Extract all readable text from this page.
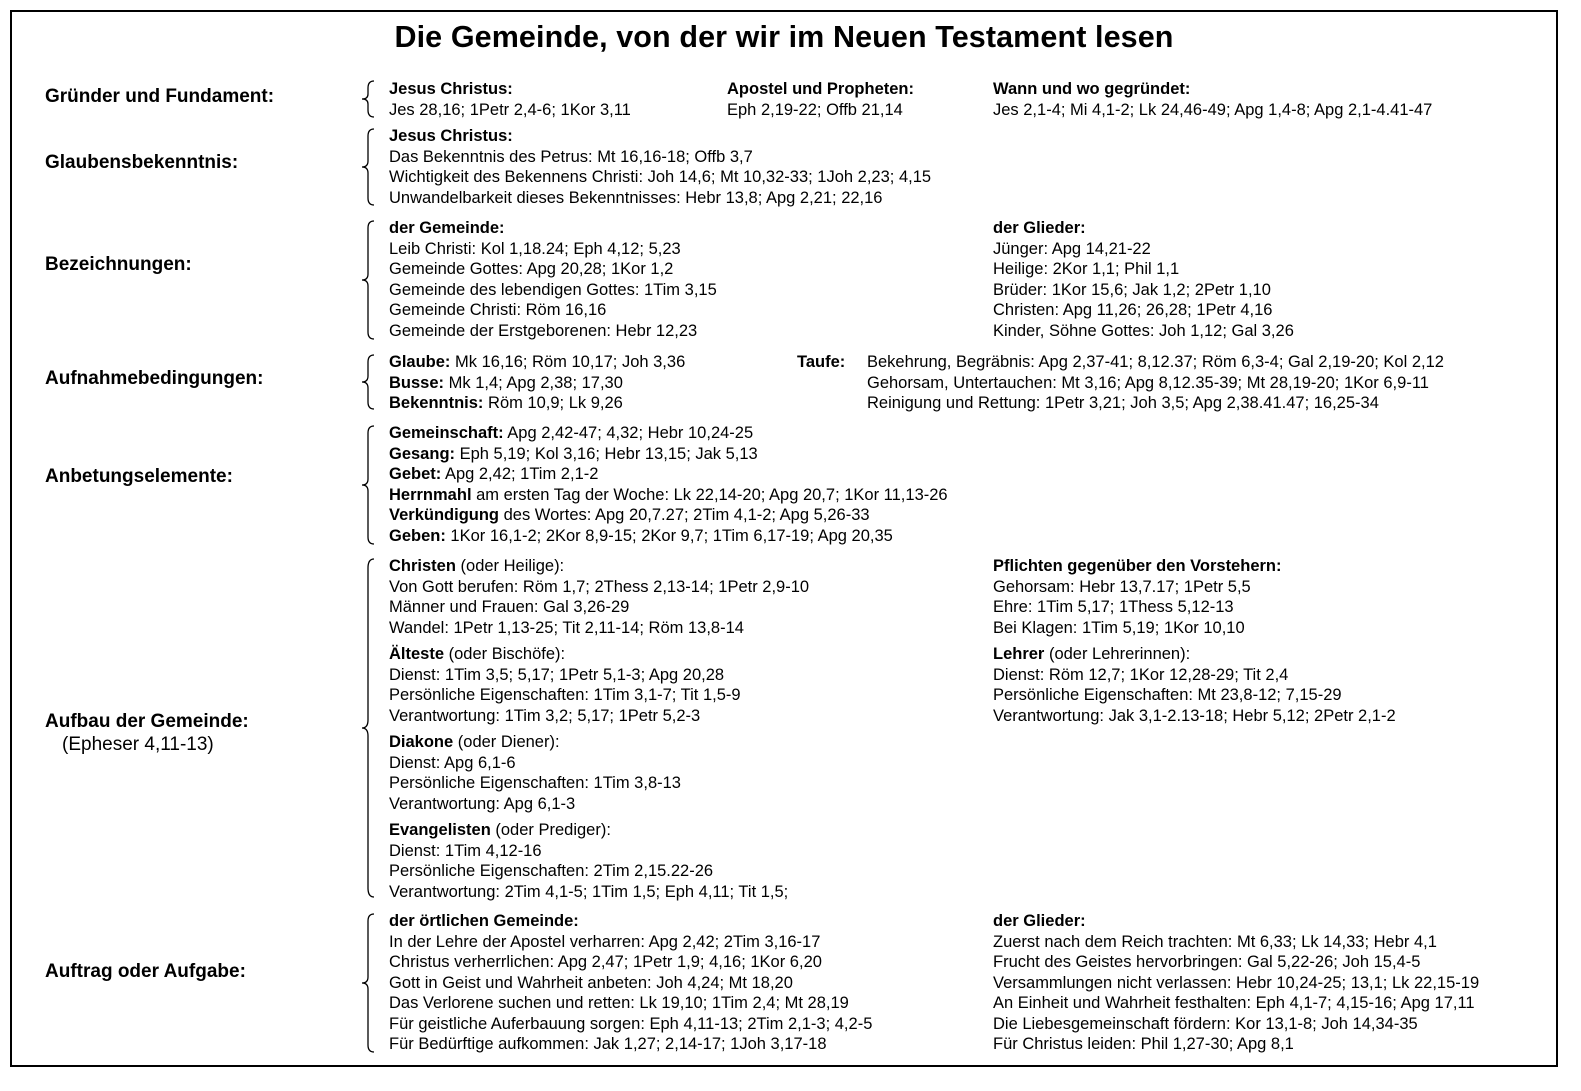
Die Gemeinde, von der wir im Neuen Testament lesen
Gründer und Fundament:	Jesus Christus:
Jes 28,16; 1Petr 2,4-6; 1Kor 3,11
Apostel und Propheten:
Eph 2,19-22; Offb 21,14
Wann und wo gegründet:
Jes 2,1-4; Mi 4,1-2; Lk 24,46-49; Apg 1,4-8; Apg 2,1-4.41-47
Glaubensbekenntnis:
Jesus Christus:
Das Bekenntnis des Petrus: Mt 16,16-18; Offb 3,7
Wichtigkeit des Bekennens Christi: Joh 14,6; Mt 10,32-33; 1Joh 2,23; 4,15
Unwandelbarkeit dieses Bekenntnisses: Hebr 13,8; Apg 2,21; 22,16
Bezeichnungen:
der Gemeinde:
Leib Christi: Kol 1,18.24; Eph 4,12; 5,23
Gemeinde Gottes: Apg 20,28; 1Kor 1,2
Gemeinde des lebendigen Gottes: 1Tim 3,15
Gemeinde Christi: Röm 16,16
Gemeinde der Erstgeborenen: Hebr 12,23
der Glieder:
Jünger: Apg 14,21-22
Heilige: 2Kor 1,1; Phil 1,1
Brüder: 1Kor 15,6; Jak 1,2; 2Petr 1,10
Christen: Apg 11,26; 26,28; 1Petr 4,16
Kinder, Söhne Gottes: Joh 1,12; Gal 3,26
Aufnahmebedingungen:
Glaube: Mk 16,16; Röm 10,17; Joh 3,36
Busse: Mk 1,4; Apg 2,38; 17,30
Bekenntnis: Röm 10,9; Lk 9,26
Taufe: Bekehrung, Begräbnis: Apg 2,37-41; 8,12.37; Röm 6,3-4; Gal 2,19-20; Kol 2,12
Gehorsam, Untertauchen: Mt 3,16; Apg 8,12.35-39; Mt 28,19-20; 1Kor 6,9-11
Reinigung und Rettung: 1Petr 3,21; Joh 3,5; Apg 2,38.41.47; 16,25-34
Anbetungselemente:
Gemeinschaft: Apg 2,42-47; 4,32; Hebr 10,24-25
Gesang: Eph 5,19; Kol 3,16; Hebr 13,15; Jak 5,13
Gebet: Apg 2,42; 1Tim 2,1-2
Herrnmahl am ersten Tag der Woche: Lk 22,14-20; Apg 20,7; 1Kor 11,13-26
Verkündigung des Wortes: Apg 20,7.27; 2Tim 4,1-2; Apg 5,26-33
Geben: 1Kor 16,1-2; 2Kor 8,9-15; 2Kor 9,7; 1Tim 6,17-19; Apg 20,35
Aufbau der Gemeinde:
(Epheser 4,11-13)
Christen (oder Heilige):
Von Gott berufen: Röm 1,7; 2Thess 2,13-14; 1Petr 2,9-10
Männer und Frauen: Gal 3,26-29
Wandel: 1Petr 1,13-25; Tit 2,11-14; Röm 13,8-14
Älteste (oder Bischöfe):
Dienst: 1Tim 3,5; 5,17; 1Petr 5,1-3; Apg 20,28
Persönliche Eigenschaften: 1Tim 3,1-7; Tit 1,5-9
Verantwortung: 1Tim 3,2; 5,17; 1Petr 5,2-3
Diakone (oder Diener):
Dienst: Apg 6,1-6
Persönliche Eigenschaften: 1Tim 3,8-13
Verantwortung: Apg 6,1-3
Evangelisten (oder Prediger):
Dienst: 1Tim 4,12-16
Persönliche Eigenschaften: 2Tim 2,15.22-26
Verantwortung: 2Tim 4,1-5; 1Tim 1,5; Eph 4,11; Tit 1,5;
Pflichten gegenüber den Vorstehern:
Gehorsam: Hebr 13,7.17; 1Petr 5,5
Ehre: 1Tim 5,17; 1Thess 5,12-13
Bei Klagen: 1Tim 5,19; 1Kor 10,10
Lehrer (oder Lehrerinnen):
Dienst: Röm 12,7; 1Kor 12,28-29; Tit 2,4
Persönliche Eigenschaften: Mt 23,8-12; 7,15-29
Verantwortung: Jak 3,1-2.13-18; Hebr 5,12; 2Petr 2,1-2
Auftrag oder Aufgabe:
der örtlichen Gemeinde:
In der Lehre der Apostel verharren: Apg 2,42; 2Tim 3,16-17
Christus verherrlichen: Apg 2,47; 1Petr 1,9; 4,16; 1Kor 6,20
Gott in Geist und Wahrheit anbeten: Joh 4,24; Mt 18,20
Das Verlorene suchen und retten: Lk 19,10; 1Tim 2,4; Mt 28,19
Für geistliche Auferbauung sorgen: Eph 4,11-13; 2Tim 2,1-3; 4,2-5
Für Bedürftige aufkommen: Jak 1,27; 2,14-17; 1Joh 3,17-18
der Glieder:
Zuerst nach dem Reich trachten: Mt 6,33; Lk 14,33; Hebr 4,1
Frucht des Geistes hervorbringen: Gal 5,22-26; Joh 15,4-5
Versammlungen nicht verlassen: Hebr 10,24-25; 13,1; Lk 22,15-19
An Einheit und Wahrheit festhalten: Eph 4,1-7; 4,15-16; Apg 17,11
Die Liebesgemeinschaft fördern: Kor 13,1-8; Joh 14,34-35
Für Christus leiden: Phil 1,27-30; Apg 8,1
